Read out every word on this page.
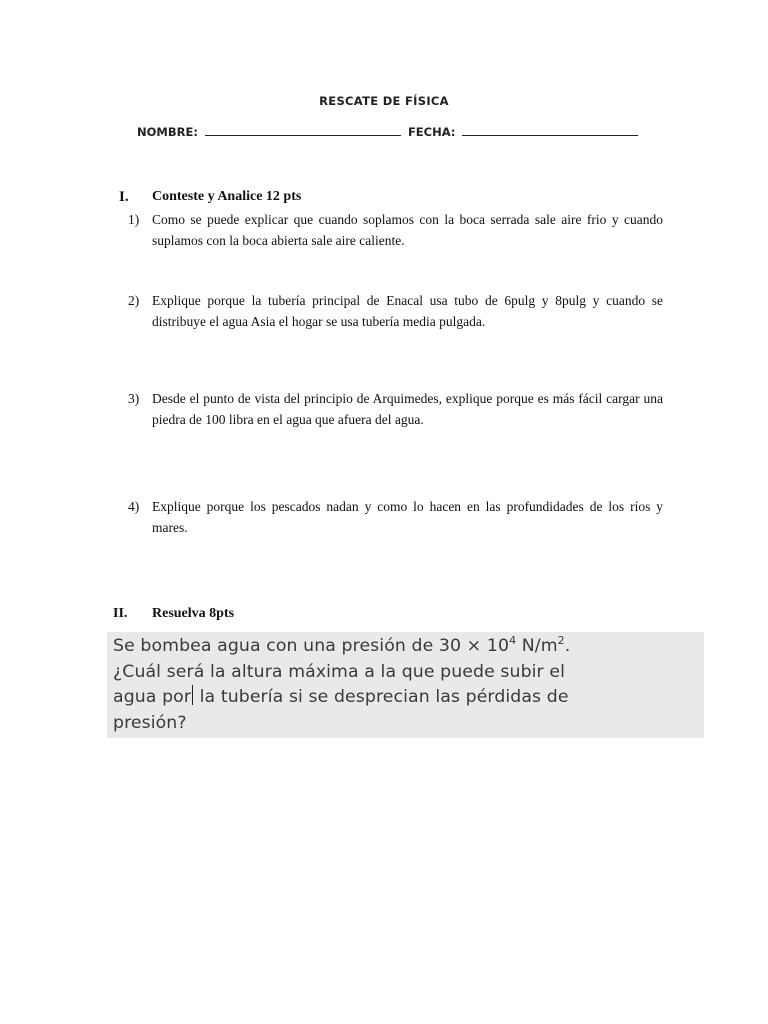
RESCATE DE FÍSICA
NOMBRE:	FECHA:
I. Conteste y Analice 12 pts
1) Como se puede explicar que cuando soplamos con la boca serrada sale aire frio y cuando suplamos con la boca abierta sale aire caliente.
2) Explique porque la tubería principal de Enacal usa tubo de 6pulg y 8pulg y cuando se distribuye el agua Asia el hogar se usa tubería media pulgada.
3) Desde el punto de vista del principio de Arquimedes, explique porque es más fácil cargar una piedra de 100 libra en el agua que afuera del agua.
4) Explique porque los pescados nadan y como lo hacen en las profundidades de los ríos y mares.
II. Resuelva 8pts
Se bombea agua con una presión de $30 \times 10^4$ $N/m^2$.
¿Cuál será la altura máxima a la que puede subir el
agua por la tubería si se desprecian las pérdidas de
presión?
